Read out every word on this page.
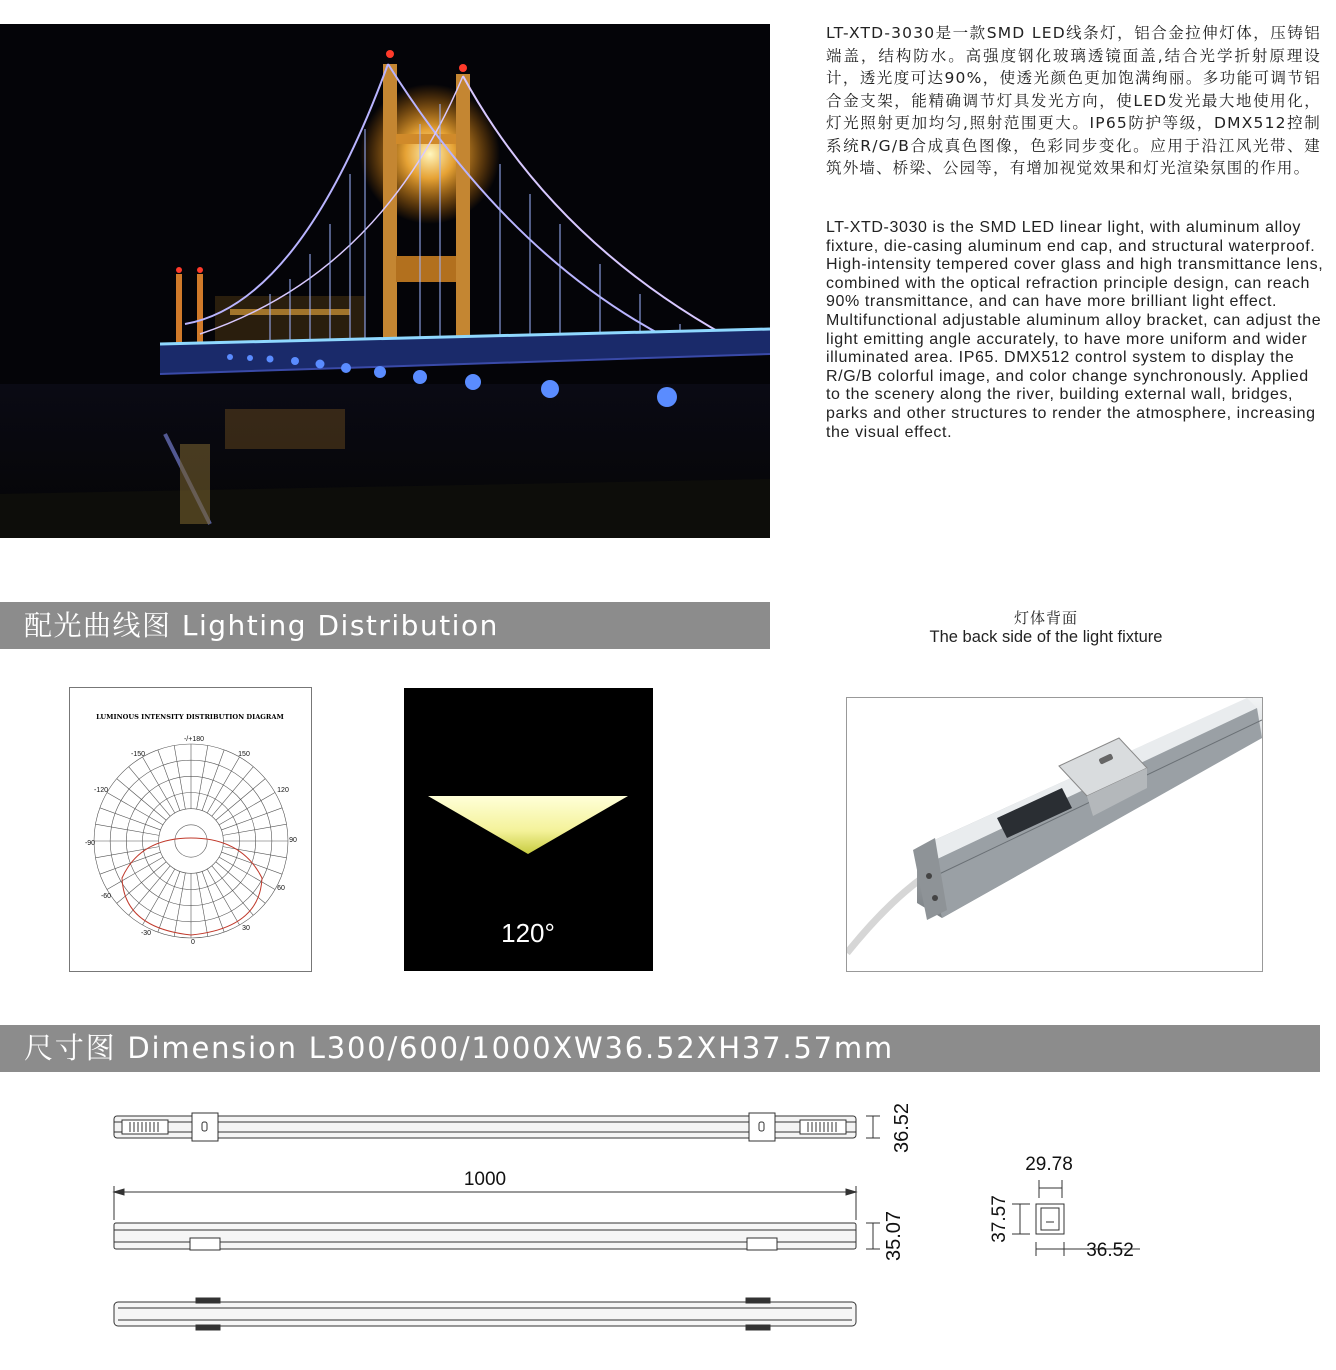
LT-XTD-3030是一款SMD LED线条灯，铝合金拉伸灯体，压铸铝端盖，结构防水。高强度钢化玻璃透镜面盖,结合光学折射原理设计，透光度可达90%，使透光颜色更加饱满绚丽。多功能可调节铝合金支架，能精确调节灯具发光方向，使LED发光最大地使用化，灯光照射更加均匀,照射范围更大。IP65防护等级，DMX512控制系统R/G/B合成真色图像，色彩同步变化。应用于沿江风光带、建筑外墙、桥梁、公园等，有增加视觉效果和灯光渲染氛围的作用。
LT-XTD-3030 is the SMD LED linear light, with aluminum alloy fixture, die-casing aluminum end cap, and structural waterproof. High-intensity tempered cover glass and high transmittance lens, combined with the optical refraction principle design, can reach 90% transmittance, and can have more brilliant light effect. Multifunctional adjustable aluminum alloy bracket, can adjust the light emitting angle accurately, to have more uniform and wider illuminated area. IP65. DMX512 control system to display the R/G/B colorful image, and color change synchronously. Applied to the scenery along the river, building external wall, bridges, parks and other structures to render the atmosphere, increasing the visual effect.
配光曲线图 Lighting Distribution	灯体背面
The back side of the light fixture
LUMINOUS INTENSITY DISTRIBUTION DIAGRAM
-/+180
-150	150
-120	120
-90	90
-60
60
-30
30
0	120°
尺寸图 Dimension L300/600/1000XW36.52XH37.57mm
1000
36.52
35.07
29.78
37.57
36.52
